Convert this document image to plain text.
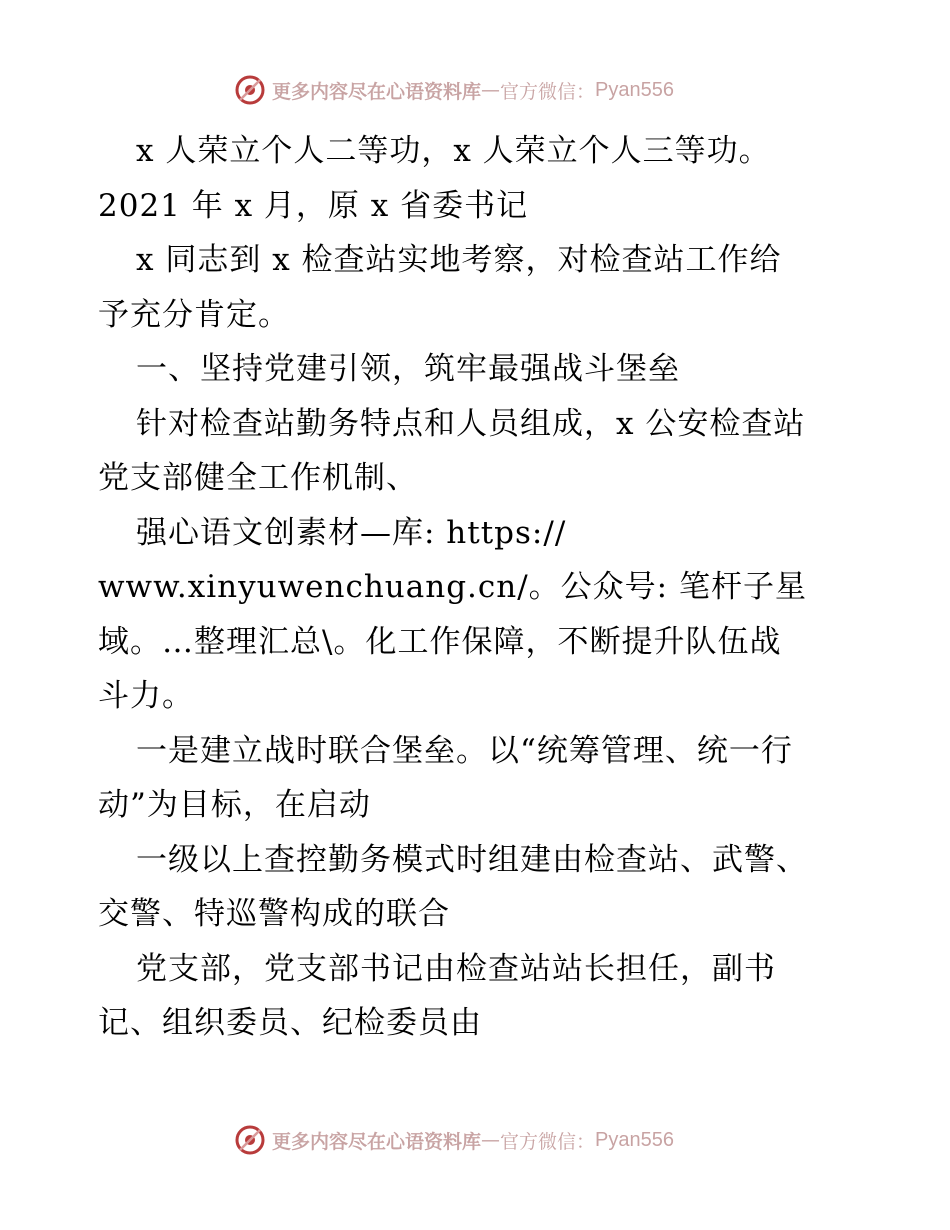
更多内容尽在心语资料库 — 官方微信： Pyan556
x 人荣立个人二等功，x 人荣立个人三等功。
2021 年 x 月，原 x 省委书记
x 同志到 x 检查站实地考察，对检查站工作给
予充分肯定。
一、坚持党建引领，筑牢最强战斗堡垒
针对检查站勤务特点和人员组成，x 公安检查站
党支部健全工作机制、
强心语文创素材—库: https://
www.xinyuwenchuang.cn/。公众号: 笔杆子星
域。…整理汇总\。化工作保障，不断提升队伍战
斗力。
一是建立战时联合堡垒。以“统筹管理、统一行
动”为目标，在启动
一级以上查控勤务模式时组建由检查站、武警、
交警、特巡警构成的联合
党支部，党支部书记由检查站站长担任，副书
记、组织委员、纪检委员由
更多内容尽在心语资料库 — 官方微信： Pyan556
